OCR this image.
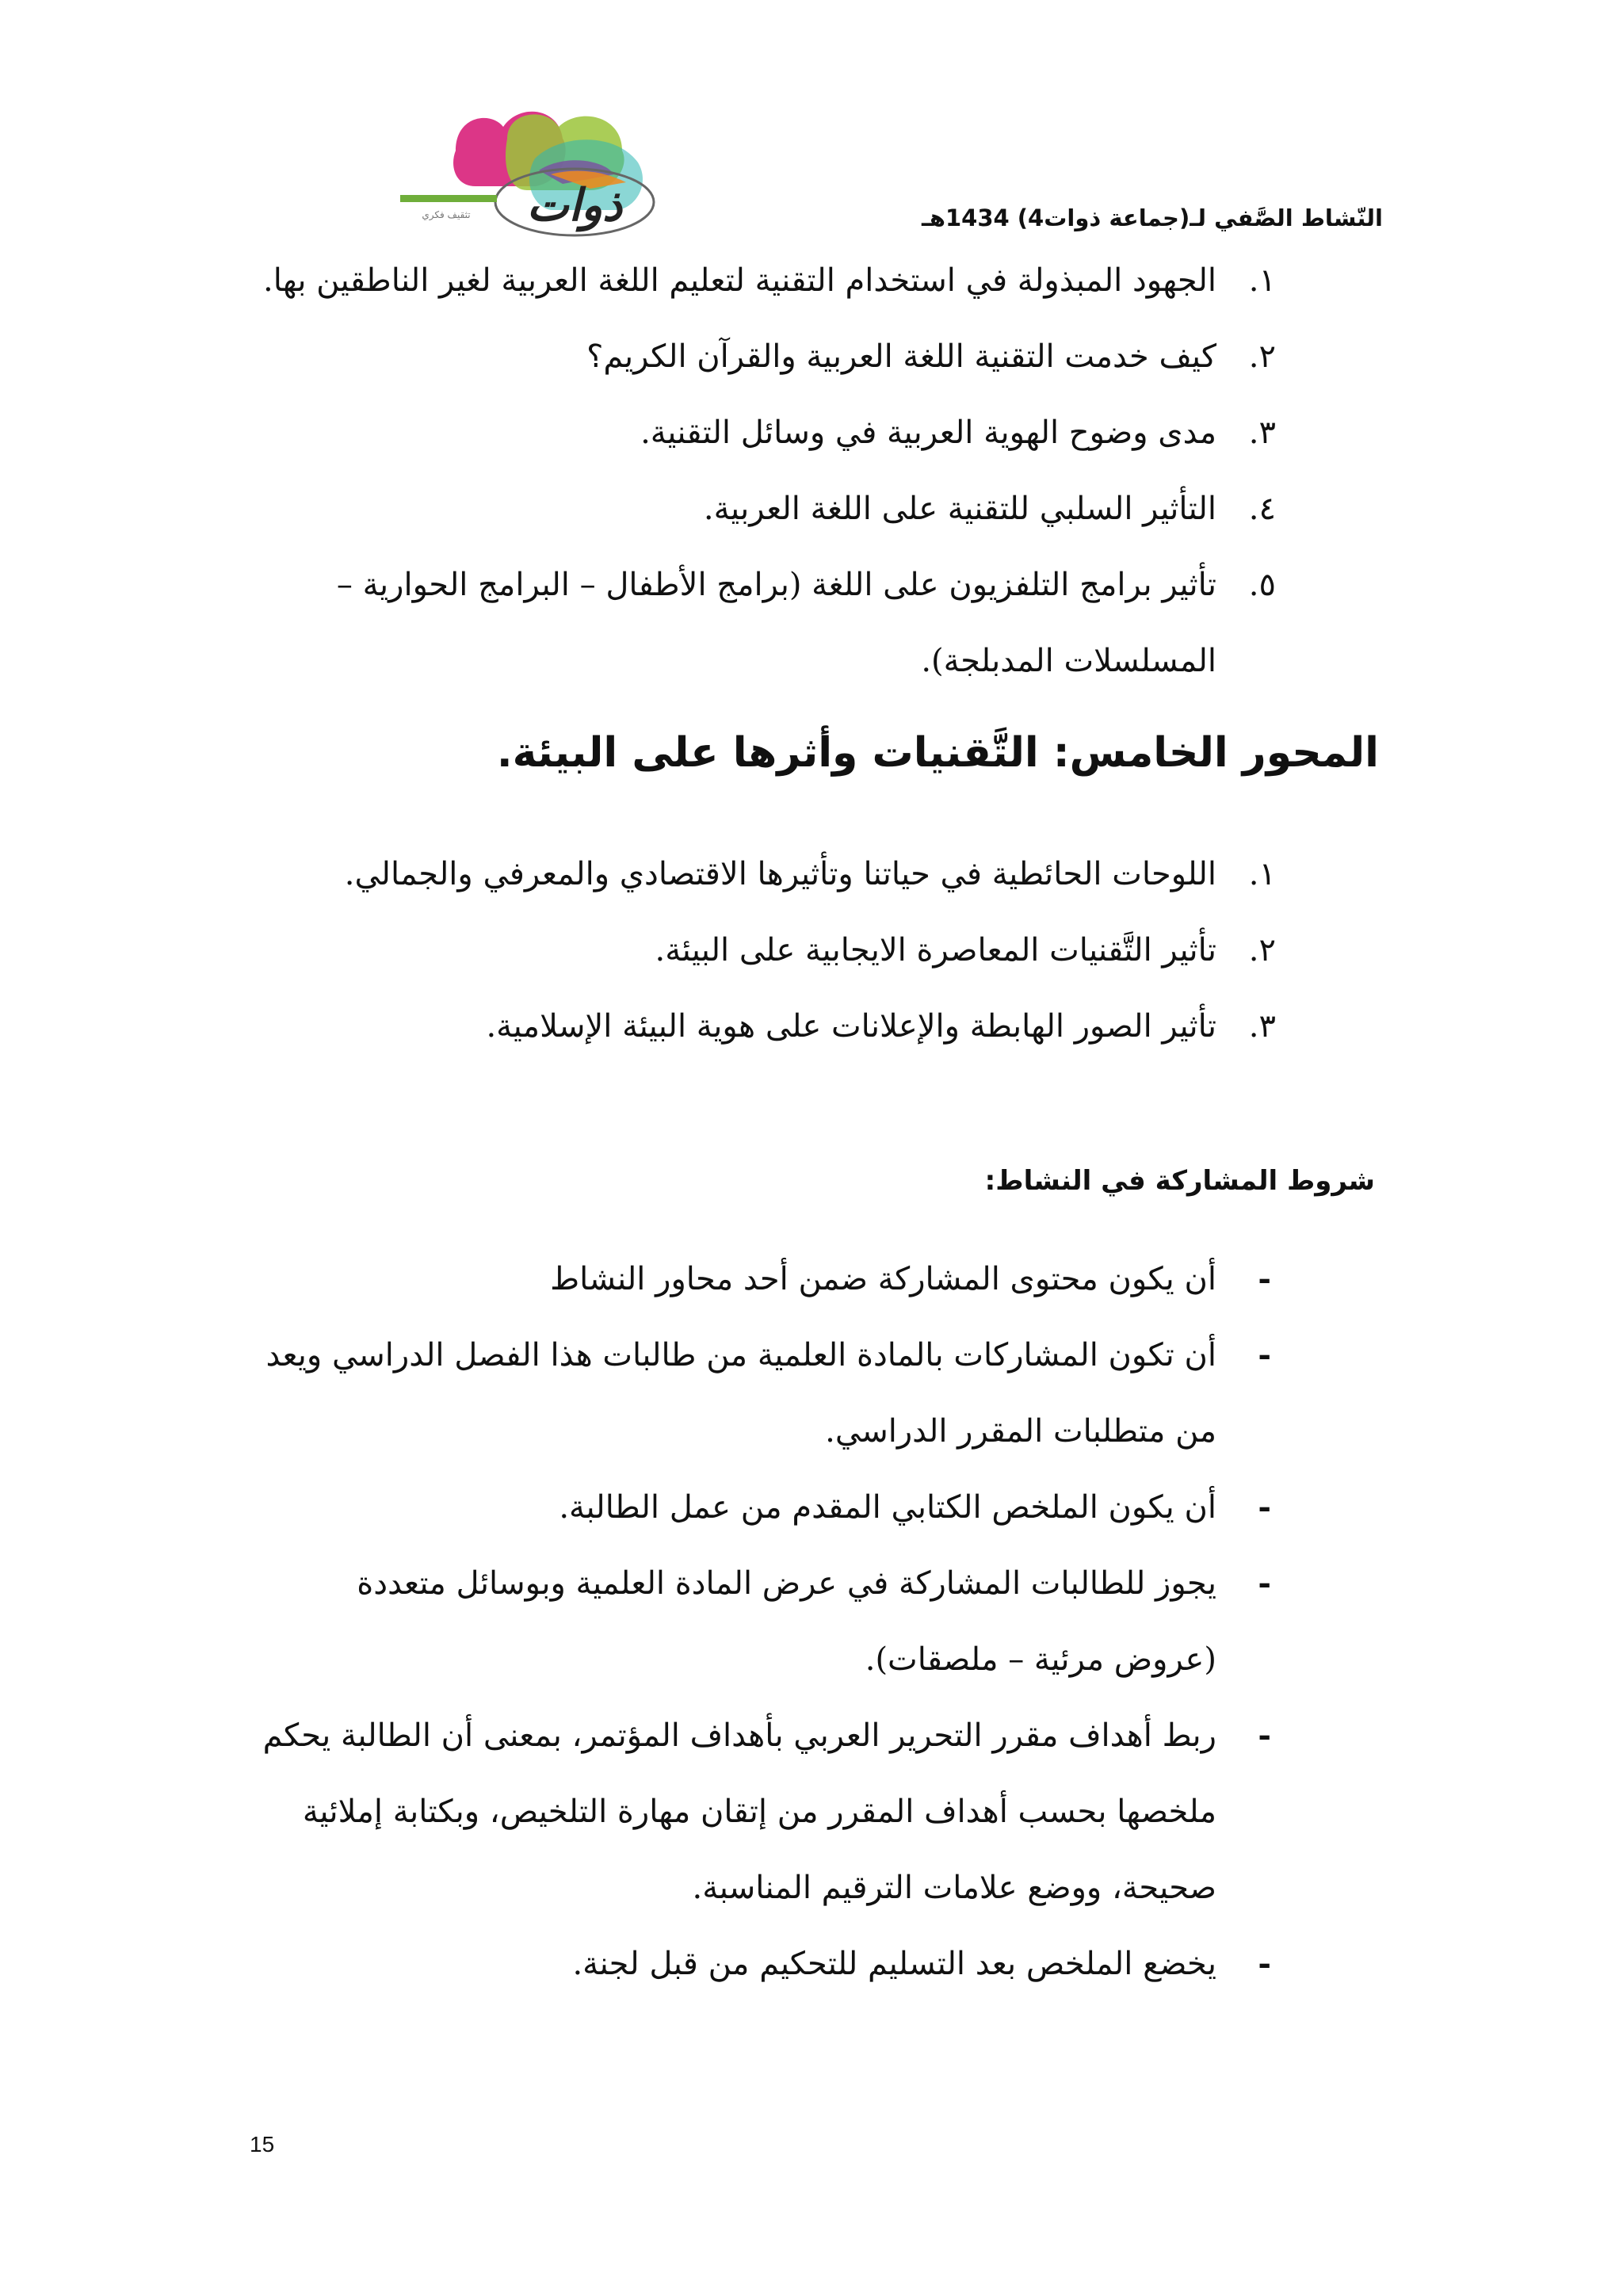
تثقيف فكري ذوات	النّشاط الصَّفي لـ(جماعة ذوات4) 1434هـ
١.
الجهود المبذولة في استخدام التقنية لتعليم اللغة العربية لغير الناطقين بها.
٢.
كيف خدمت التقنية اللغة العربية والقرآن الكريم؟
٣.
مدى وضوح الهوية العربية في وسائل التقنية.
٤.
التأثير السلبي للتقنية على اللغة العربية.
٥.
تأثير برامج التلفزيون على اللغة (برامج الأطفال – البرامج الحوارية – المسلسلات المدبلجة).
المحور الخامس: التَّقنيات وأثرها على البيئة.
١.
اللوحات الحائطية في حياتنا وتأثيرها الاقتصادي والمعرفي والجمالي.
٢.
تأثير التَّقنيات المعاصرة الايجابية على البيئة.
٣.
تأثير الصور الهابطة والإعلانات على هوية البيئة الإسلامية.
شروط المشاركة في النشاط:
-
أن يكون محتوى المشاركة ضمن أحد محاور النشاط
-
أن تكون المشاركات بالمادة العلمية من طالبات هذا الفصل الدراسي ويعد من متطلبات المقرر الدراسي.
-
أن يكون الملخص الكتابي المقدم من عمل الطالبة.
-
يجوز للطالبات المشاركة في عرض المادة العلمية وبوسائل متعددة (عروض مرئية – ملصقات).
-
ربط أهداف مقرر التحرير العربي بأهداف المؤتمر، بمعنى أن الطالبة يحكم ملخصها بحسب أهداف المقرر من إتقان مهارة التلخيص، وبكتابة إملائية صحيحة، ووضع علامات الترقيم المناسبة.
-
يخضع الملخص بعد التسليم للتحكيم من قبل لجنة.
15
